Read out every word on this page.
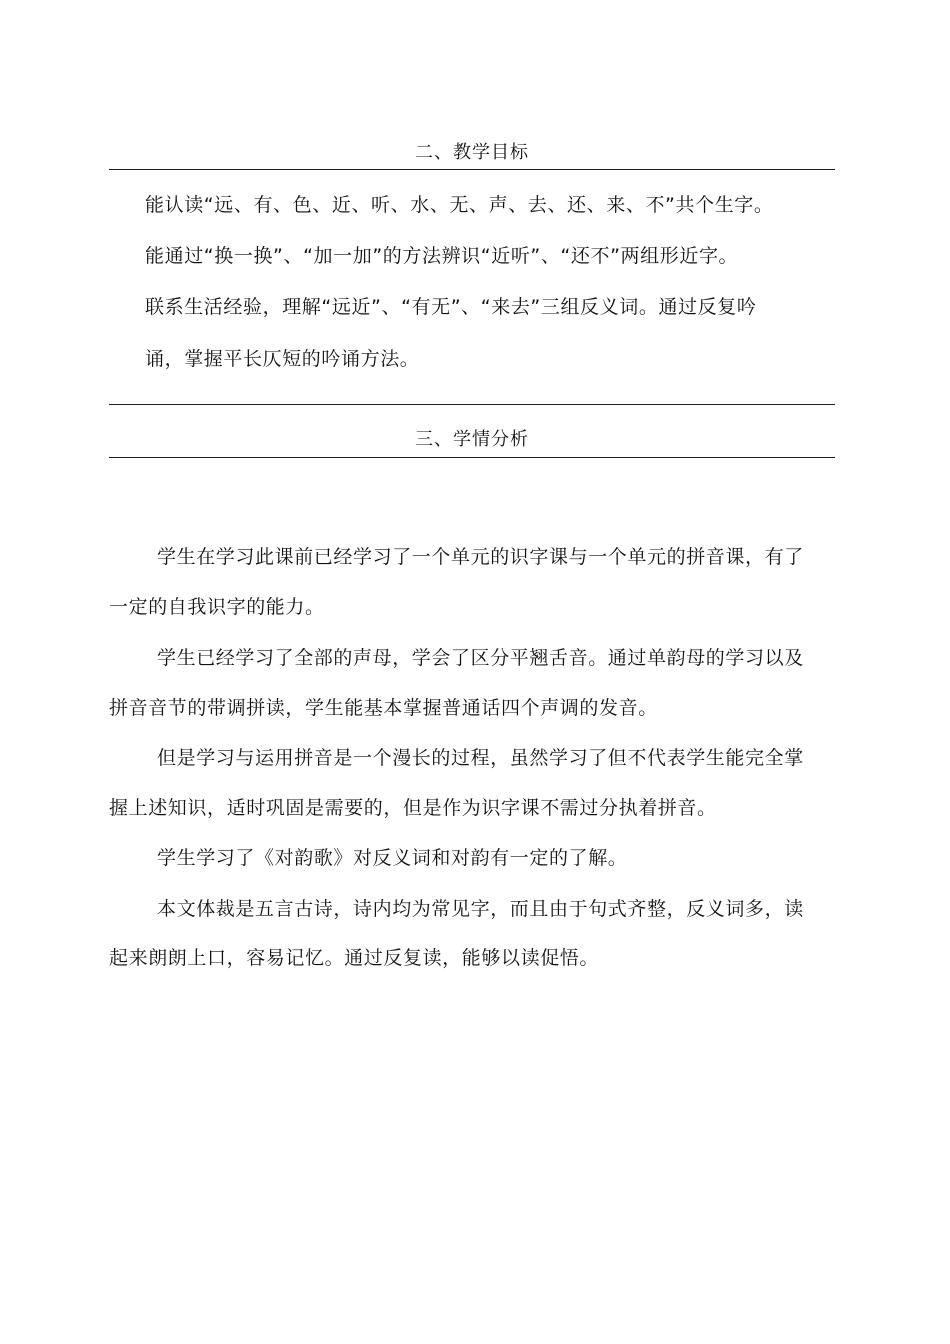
二、教学目标
能认读“远、有、色、近、听、水、无、声、去、还、来、不”共个生字。
能通过“换一换”、“加一加”的方法辨识“近听”、“还不”两组形近字。
联系生活经验，理解“远近”、“有无”、“来去”三组反义词。通过反复吟
诵，掌握平长仄短的吟诵方法。
三、学情分析
学生在学习此课前已经学习了一个单元的识字课与一个单元的拼音课，有了
一定的自我识字的能力。
学生已经学习了全部的声母，学会了区分平翘舌音。通过单韵母的学习以及
拼音音节的带调拼读，学生能基本掌握普通话四个声调的发音。
但是学习与运用拼音是一个漫长的过程，虽然学习了但不代表学生能完全掌
握上述知识，适时巩固是需要的，但是作为识字课不需过分执着拼音。
学生学习了《对韵歌》对反义词和对韵有一定的了解。
本文体裁是五言古诗，诗内均为常见字，而且由于句式齐整，反义词多，读
起来朗朗上口，容易记忆。通过反复读，能够以读促悟。
